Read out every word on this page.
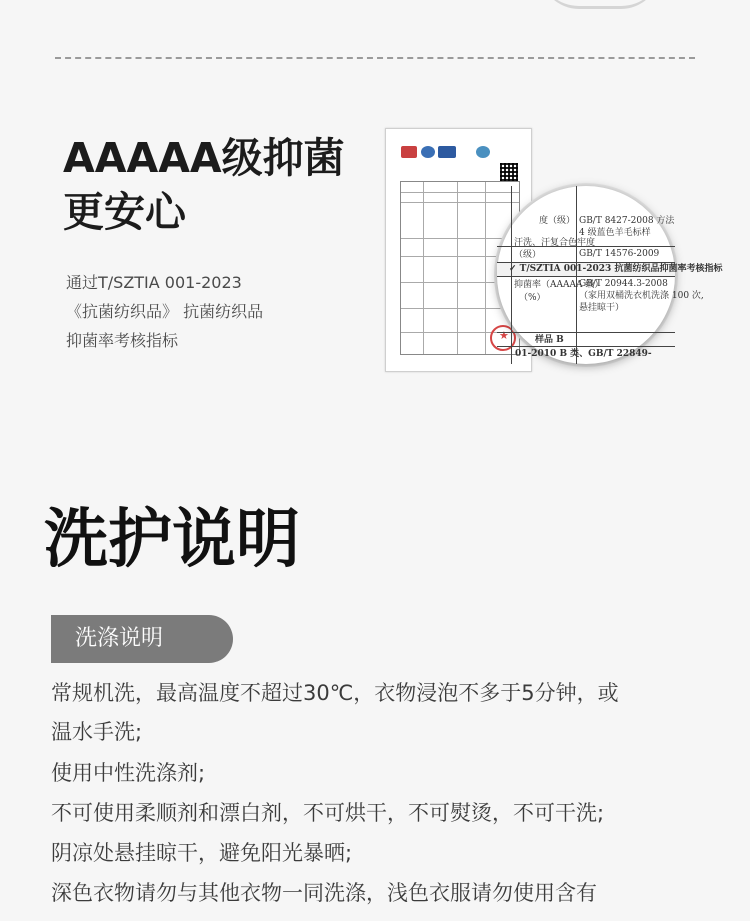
AAAAA级抑菌
更安心
通过T/SZTIA 001-2023
《抗菌纺织品》 抗菌纺织品
抑菌率考核指标	★
度（级） GB/T 8427-2008 方法
4 级蓝色羊毛标样
汗洗、汗复合色牢度
GB/T 14576-2009
（级）
✓ T/SZTIA 001-2023 抗菌纺织品抑菌率考核指标
抑菌率（AAAAA 级）
（%）
GB/T 20944.3-2008
（家用双桶洗衣机洗涤 100 次,
悬挂晾干）
样品 B
01-2010 B 类、GB/T 22849-
洗护说明
洗涤说明
常规机洗，最高温度不超过30℃，衣物浸泡不多于5分钟，或
温水手洗;
使用中性洗涤剂;
不可使用柔顺剂和漂白剂，不可烘干，不可熨烫，不可干洗;
阴凉处悬挂晾干，避免阳光暴晒;
深色衣物请勿与其他衣物一同洗涤，浅色衣服请勿使用含有
